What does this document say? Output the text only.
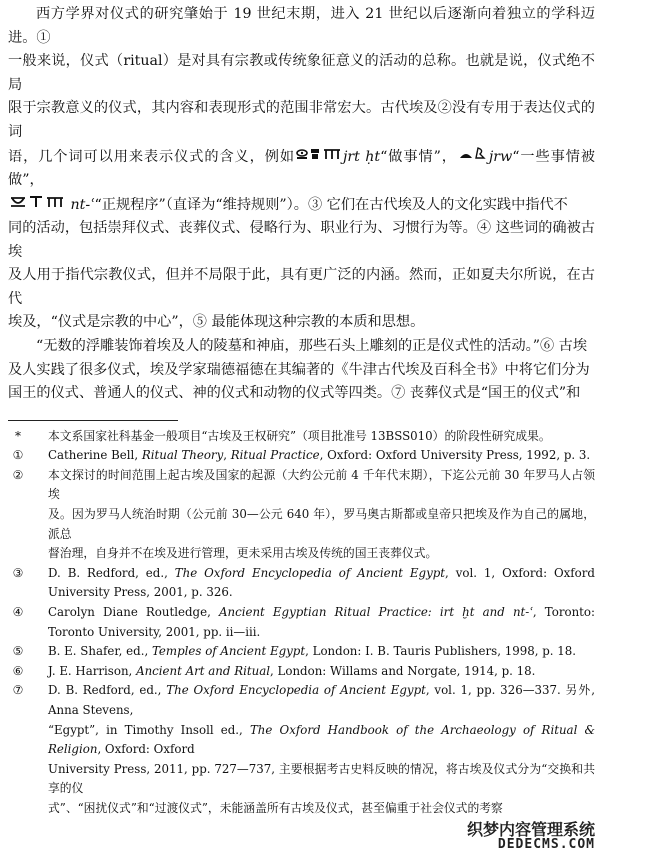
西方学界对仪式的研究肇始于 19 世纪末期，进入 21 世纪以后逐渐向着独立的学科迈进。①
一般来说，仪式（ritual）是对具有宗教或传统象征意义的活动的总称。也就是说，仪式绝不局
限于宗教意义的仪式，其内容和表现形式的范围非常宏大。古代埃及②没有专用于表达仪式的词
语，几个词可以用来表示仪式的含义，例如	jrt ḥt“做事情”， jrw“一些事情被做”，
nt-ʿ“正规程序”（直译为“维持规则”）。③ 它们在古代埃及人的文化实践中指代不
同的活动，包括崇拜仪式、丧葬仪式、侵略行为、职业行为、习惯行为等。④ 这些词的确被古埃
及人用于指代宗教仪式，但并不局限于此，具有更广泛的内涵。然而，正如夏夫尔所说，在古代
埃及，“仪式是宗教的中心”，⑤ 最能体现这种宗教的本质和思想。
“无数的浮雕装饰着埃及人的陵墓和神庙，那些石头上雕刻的正是仪式性的活动。”⑥ 古埃
及人实践了很多仪式，埃及学家瑞德福德在其编著的《牛津古代埃及百科全书》中将它们分为
国王的仪式、普通人的仪式、神的仪式和动物的仪式等四类。⑦ 丧葬仪式是“国王的仪式”和
*	本文系国家社科基金一般项目“古埃及王权研究”（项目批准号 13BSS010）的阶段性研究成果。
①	Catherine Bell, Ritual Theory, Ritual Practice, Oxford: Oxford University Press, 1992, p. 3.
②	本文探讨的时间范围上起古埃及国家的起源（大约公元前 4 千年代末期），下迄公元前 30 年罗马人占领埃
及。因为罗马人统治时期（公元前 30—公元 640 年），罗马奥古斯都或皇帝只把埃及作为自己的属地，派总
督治理，自身并不在埃及进行管理，更未采用古埃及传统的国王丧葬仪式。
③	D. B. Redford, ed., The Oxford Encyclopedia of Ancient Egypt, vol. 1, Oxford: Oxford University Press, 2001, p. 326.
④	Carolyn Diane Routledge, Ancient Egyptian Ritual Practice: irt ḫt and nt-ʿ, Toronto: Toronto University, 2001, pp. ii—iii.
⑤	B. E. Shafer, ed., Temples of Ancient Egypt, London: I. B. Tauris Publishers, 1998, p. 18.
⑥	J. E. Harrison, Ancient Art and Ritual, London: Willams and Norgate, 1914, p. 18.
⑦	D. B. Redford, ed., The Oxford Encyclopedia of Ancient Egypt, vol. 1, pp. 326—337. 另外, Anna Stevens,
“Egypt”, in Timothy Insoll ed., The Oxford Handbook of the Archaeology of Ritual & Religion, Oxford: Oxford
University Press, 2011, pp. 727—737, 主要根据考古史料反映的情况，将古埃及仪式分为“交换和共享的仪
式”、“困扰仪式”和“过渡仪式”，未能涵盖所有古埃及仪式，甚至偏重于社会仪式的考察
织梦内容管理系统
DEDECMS.COM
